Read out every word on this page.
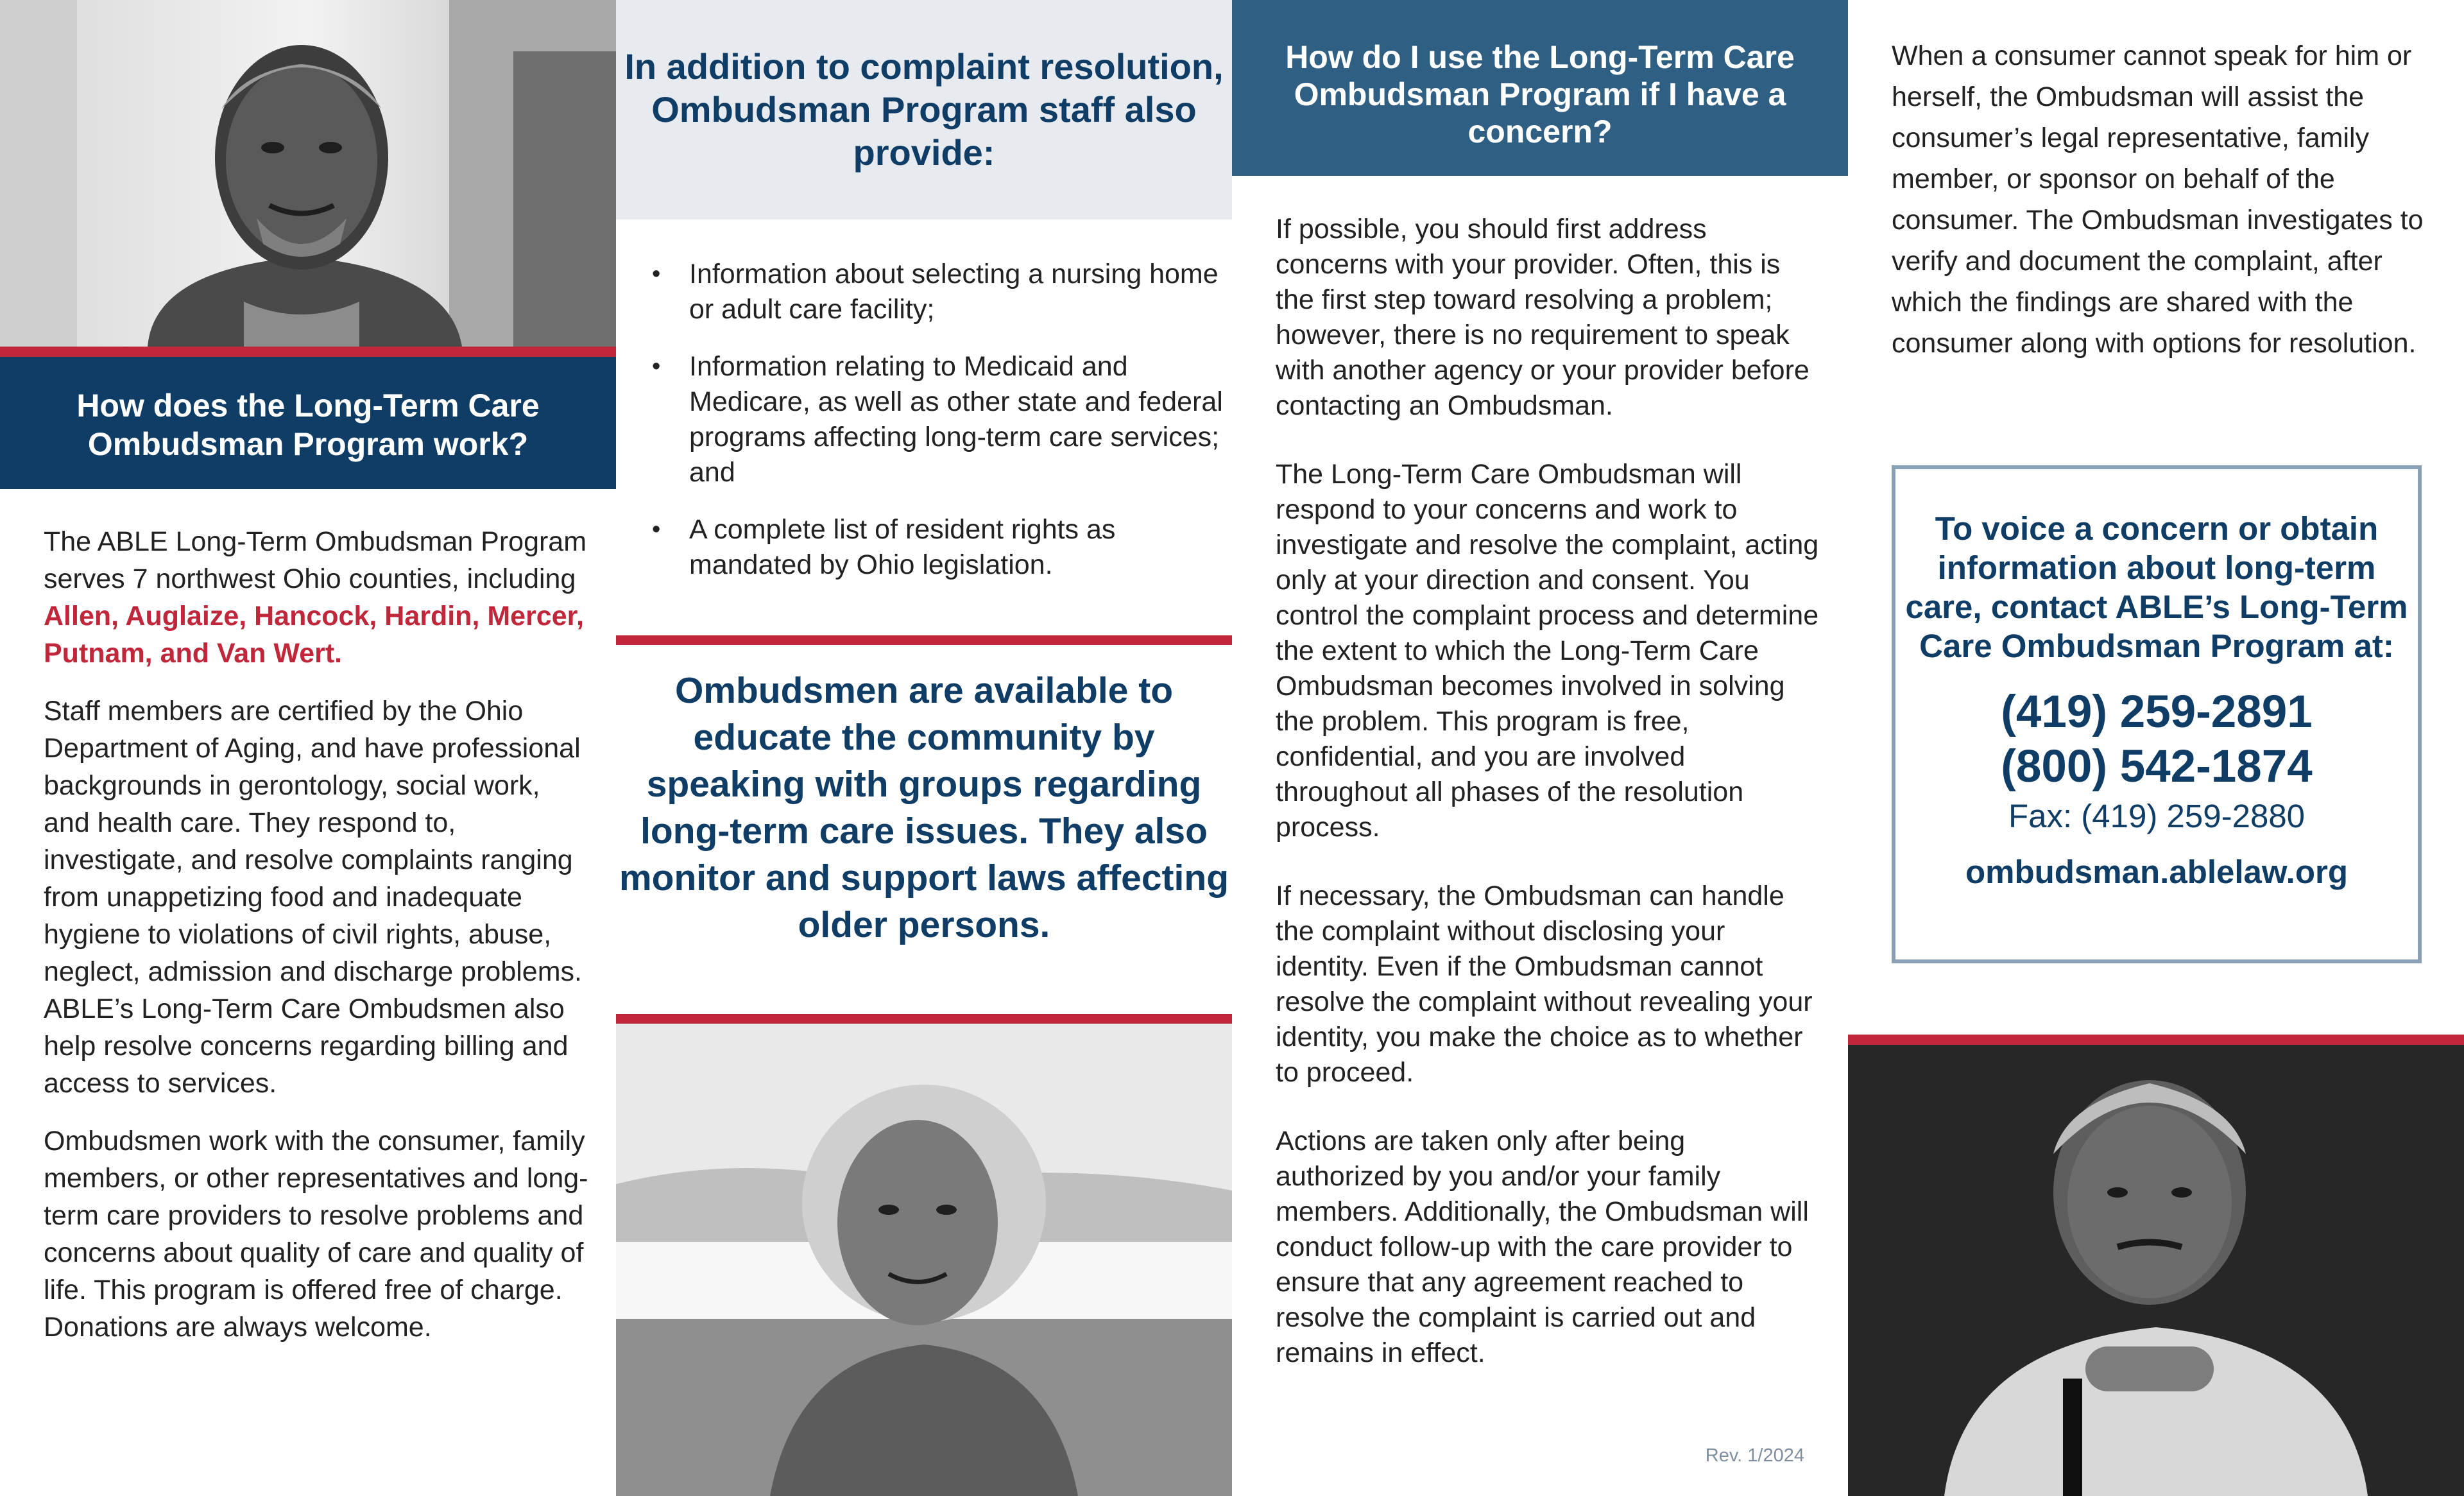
How does the Long-Term Care Ombudsman Program work?

The ABLE Long-Term Ombudsman Program serves 7 northwest Ohio counties, including Allen, Auglaize, Hancock, Hardin, Mercer, Putnam, and Van Wert.

Staff members are certified by the Ohio Department of Aging, and have professional backgrounds in gerontology, social work, and health care. They respond to, investigate, and resolve complaints ranging from unappetizing food and inadequate hygiene to violations of civil rights, abuse, neglect, admission and discharge problems. ABLE’s Long-Term Care Ombudsmen also help resolve concerns regarding billing and access to services.

Ombudsmen work with the consumer, family members, or other representatives and long-term care providers to resolve problems and concerns about quality of care and quality of life. This program is offered free of charge. Donations are always welcome.

In addition to complaint resolution, Ombudsman Program staff also provide:
• Information about selecting a nursing home or adult care facility;
• Information relating to Medicaid and Medicare, as well as other state and federal programs affecting long-term care services; and
• A complete list of resident rights as mandated by Ohio legislation.
Ombudsmen are available to educate the community by speaking with groups regarding long-term care issues. They also monitor and support laws affecting older persons.
How do I use the Long-Term Care Ombudsman Program if I have a concern?

If possible, you should first address concerns with your provider. Often, this is the first step toward resolving a problem; however, there is no requirement to speak with another agency or your provider before contacting an Ombudsman.

The Long-Term Care Ombudsman will respond to your concerns and work to investigate and resolve the complaint, acting only at your direction and consent. You control the complaint process and determine the extent to which the Long-Term Care Ombudsman becomes involved in solving the problem. This program is free, confidential, and you are involved throughout all phases of the resolution process.

If necessary, the Ombudsman can handle the complaint without disclosing your identity. Even if the Ombudsman cannot resolve the complaint without revealing your identity, you make the choice as to whether to proceed.

Actions are taken only after being authorized by you and/or your family members. Additionally, the Ombudsman will conduct follow-up with the care provider to ensure that any agreement reached to resolve the complaint is carried out and remains in effect.

Rev. 1/2024

When a consumer cannot speak for him or herself, the Ombudsman will assist the consumer’s legal representative, family member, or sponsor on behalf of the consumer. The Ombudsman investigates to verify and document the complaint, after which the findings are shared with the consumer along with options for resolution.

To voice a concern or obtain information about long-term care, contact ABLE’s Long-Term Care Ombudsman Program at:
(419) 259-2891
(800) 542-1874
Fax: (419) 259-2880
ombudsman.ablelaw.org
